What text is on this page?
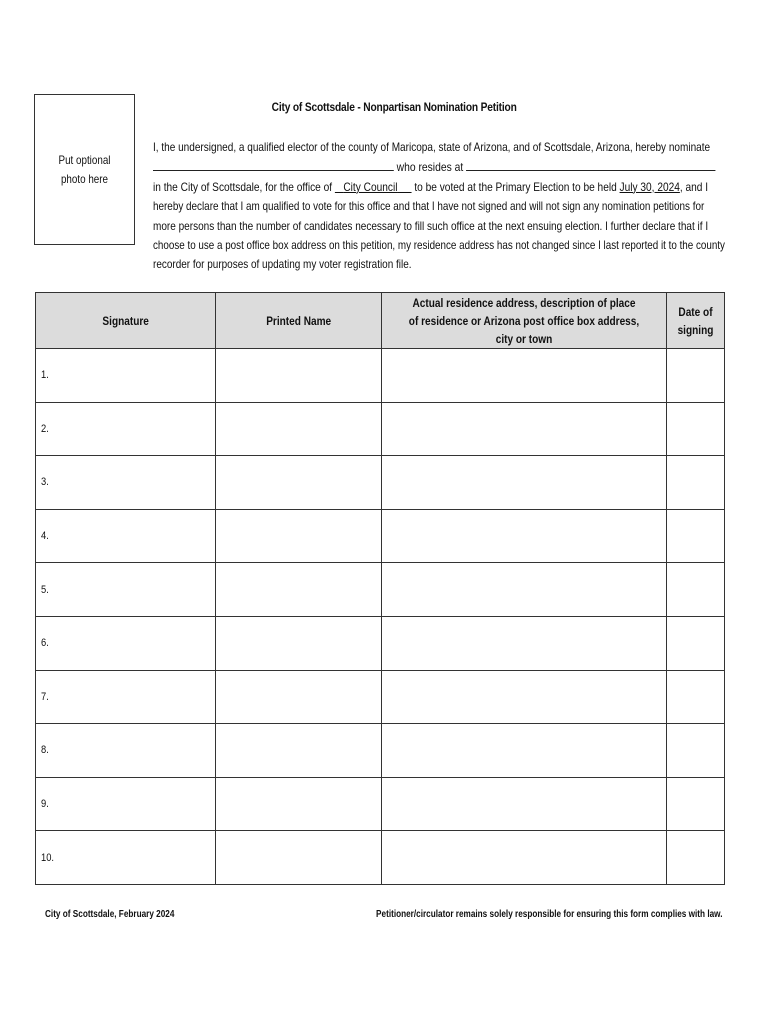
Put optional photo here
City of Scottsdale - Nonpartisan Nomination Petition
I, the undersigned, a qualified elector of the county of Maricopa, state of Arizona, and of Scottsdale, Arizona, hereby nominate
who resides at
in the City of Scottsdale, for the office of City Council to be voted at the Primary Election to be held July 30, 2024, and I
hereby declare that I am qualified to vote for this office and that I have not signed and will not sign any nomination petitions for
more persons than the number of candidates necessary to fill such office at the next ensuing election. I further declare that if I
choose to use a post office box address on this petition, my residence address has not changed since I last reported it to the county
recorder for purposes of updating my voter registration file.
Signature	Printed Name	Actual residence address, description of place of residence or Arizona post office box address, city or town	Date of signing
1.			
2.			
3.			
4.			
5.			
6.			
7.			
8.			
9.			
10.			
City of Scottsdale, February 2024	Petitioner/circulator remains solely responsible for ensuring this form complies with law.
